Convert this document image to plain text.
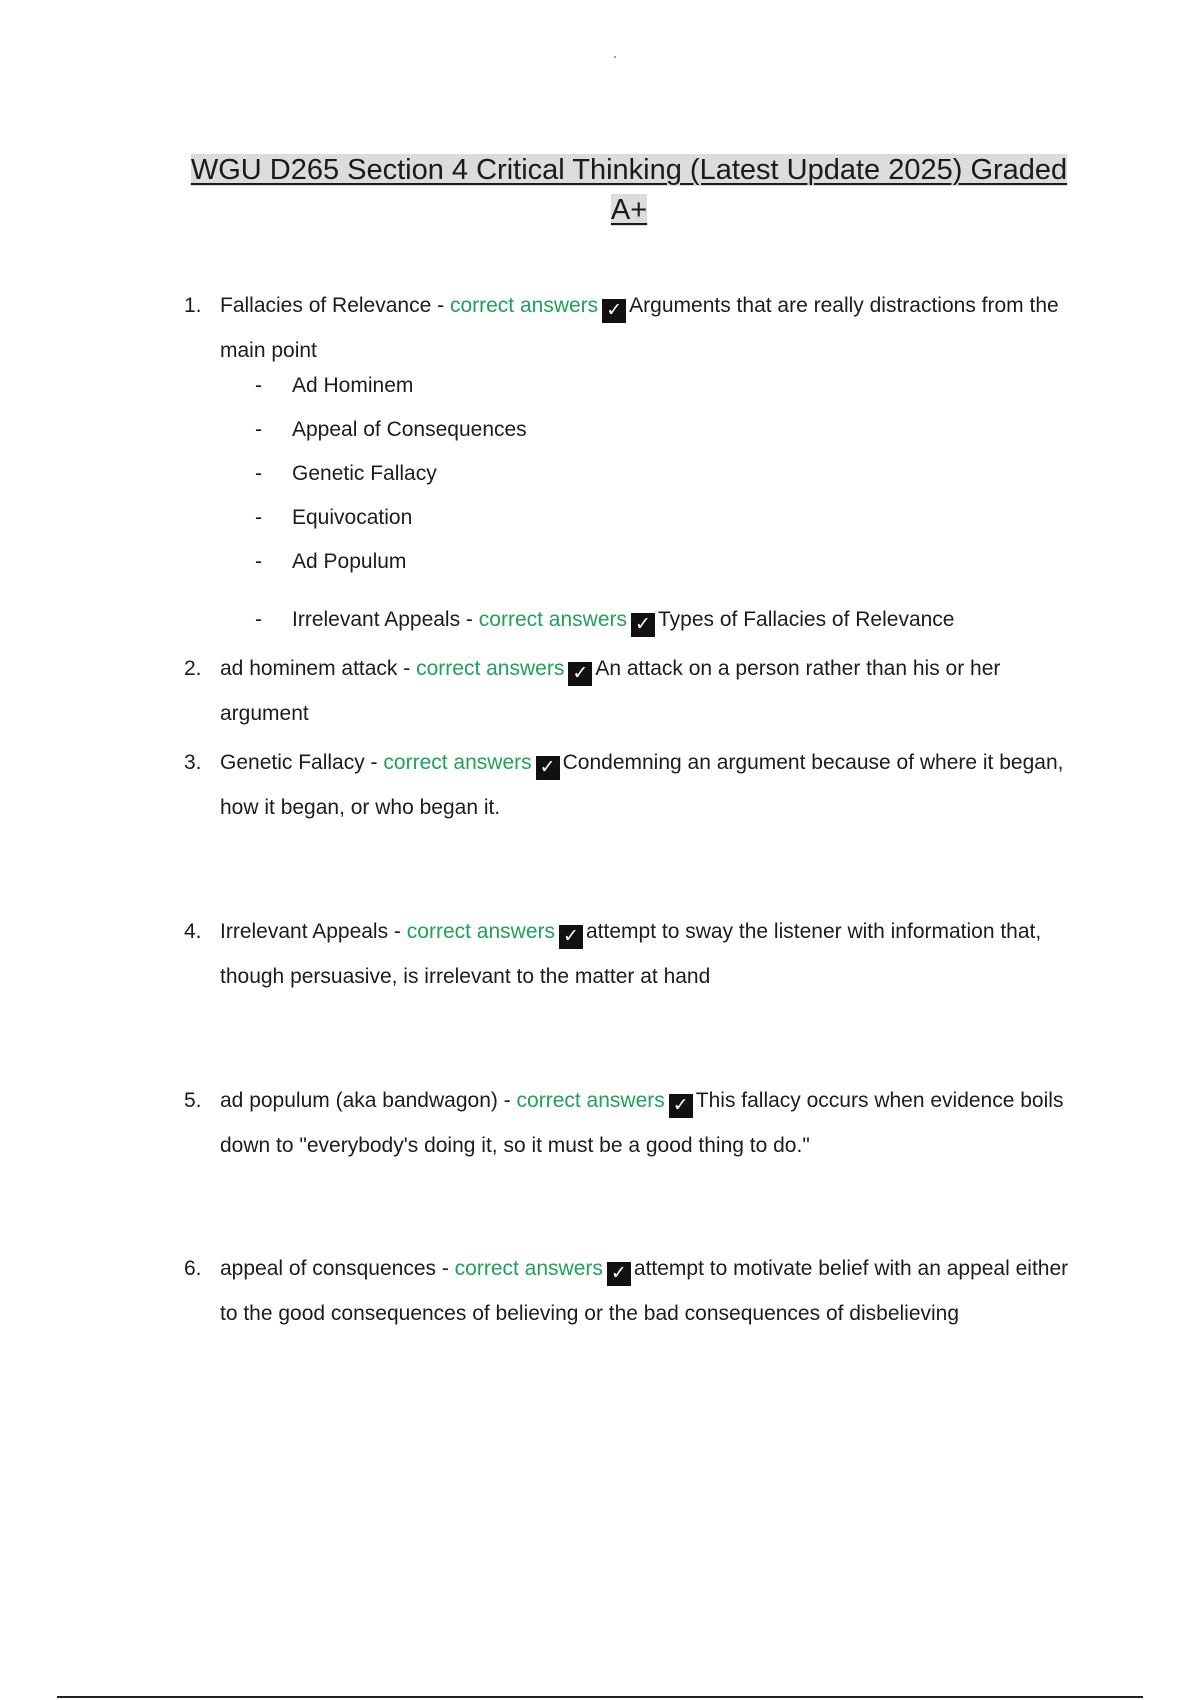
WGU D265 Section 4 Critical Thinking (Latest Update 2025) Graded A+
1. Fallacies of Relevance - correct answers ✓ Arguments that are really distractions from the main point
- Ad Hominem
- Appeal of Consequences
- Genetic Fallacy
- Equivocation
- Ad Populum
- Irrelevant Appeals - correct answers ✓ Types of Fallacies of Relevance
2. ad hominem attack - correct answers ✓ An attack on a person rather than his or her argument
3. Genetic Fallacy - correct answers ✓ Condemning an argument because of where it began, how it began, or who began it.
4. Irrelevant Appeals - correct answers ✓ attempt to sway the listener with information that, though persuasive, is irrelevant to the matter at hand
5. ad populum (aka bandwagon) - correct answers ✓ This fallacy occurs when evidence boils down to "everybody's doing it, so it must be a good thing to do."
6. appeal of consquences - correct answers ✓ attempt to motivate belief with an appeal either to the good consequences of believing or the bad consequences of disbelieving
